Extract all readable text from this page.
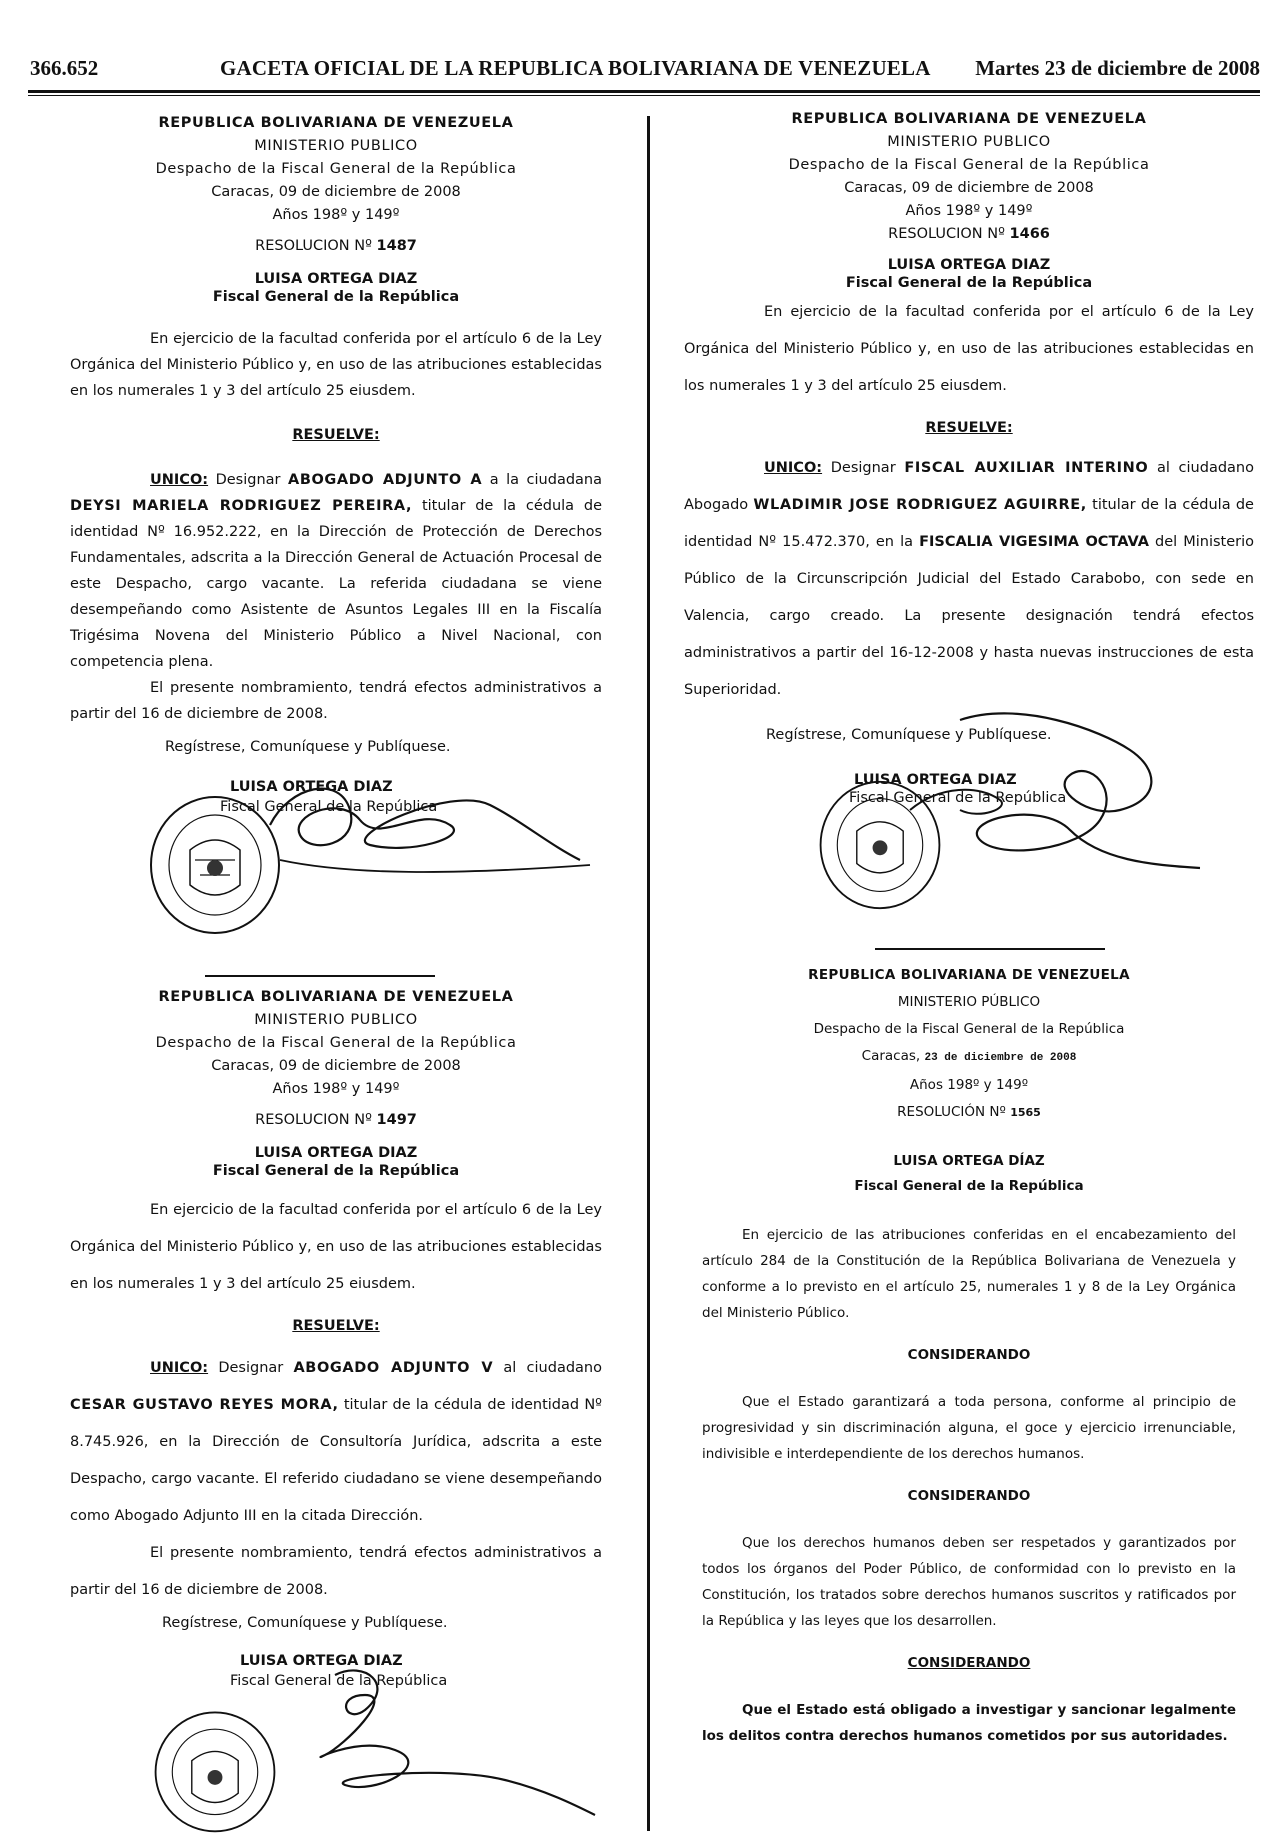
366.652	GACETA OFICIAL DE LA REPUBLICA BOLIVARIANA DE VENEZUELA Martes 23 de diciembre de 2008
REPUBLICA BOLIVARIANA DE VENEZUELA
MINISTERIO PUBLICO
Despacho de la Fiscal General de la República
Caracas, 09 de diciembre de 2008
Años 198º y 149º
RESOLUCION Nº 1487
LUISA ORTEGA DIAZ
Fiscal General de la República
En ejercicio de la facultad conferida por el artículo 6 de la Ley Orgánica del Ministerio Público y, en uso de las atribuciones establecidas en los numerales 1 y 3 del artículo 25 eiusdem.
RESUELVE:
UNICO: Designar ABOGADO ADJUNTO A a la ciudadana DEYSI MARIELA RODRIGUEZ PEREIRA, titular de la cédula de identidad Nº 16.952.222, en la Dirección de Protección de Derechos Fundamentales, adscrita a la Dirección General de Actuación Procesal de este Despacho, cargo vacante. La referida ciudadana se viene desempeñando como Asistente de Asuntos Legales III en la Fiscalía Trigésima Novena del Ministerio Público a Nivel Nacional, con competencia plena.
El presente nombramiento, tendrá efectos administrativos a partir del 16 de diciembre de 2008.
Regístrese, Comuníquese y Publíquese.
LUISA ORTEGA DIAZ
Fiscal General de la República
REPUBLICA BOLIVARIANA DE VENEZUELA
MINISTERIO PUBLICO
Despacho de la Fiscal General de la República
Caracas, 09 de diciembre de 2008
Años 198º y 149º
RESOLUCION Nº 1497
LUISA ORTEGA DIAZ
Fiscal General de la República
En ejercicio de la facultad conferida por el artículo 6 de la Ley Orgánica del Ministerio Público y, en uso de las atribuciones establecidas en los numerales 1 y 3 del artículo 25 eiusdem.
RESUELVE:
UNICO: Designar ABOGADO ADJUNTO V al ciudadano CESAR GUSTAVO REYES MORA, titular de la cédula de identidad Nº 8.745.926, en la Dirección de Consultoría Jurídica, adscrita a este Despacho, cargo vacante. El referido ciudadano se viene desempeñando como Abogado Adjunto III en la citada Dirección.
El presente nombramiento, tendrá efectos administrativos a partir del 16 de diciembre de 2008.
Regístrese, Comuníquese y Publíquese.
LUISA ORTEGA DIAZ
Fiscal General de la República
REPUBLICA BOLIVARIANA DE VENEZUELA
MINISTERIO PUBLICO
Despacho de la Fiscal General de la República
Caracas, 09 de diciembre de 2008
Años 198º y 149º
RESOLUCION Nº 1466
LUISA ORTEGA DIAZ
Fiscal General de la República
En ejercicio de la facultad conferida por el artículo 6 de la Ley Orgánica del Ministerio Público y, en uso de las atribuciones establecidas en los numerales 1 y 3 del artículo 25 eiusdem.
RESUELVE:
UNICO: Designar FISCAL AUXILIAR INTERINO al ciudadano Abogado WLADIMIR JOSE RODRIGUEZ AGUIRRE, titular de la cédula de identidad Nº 15.472.370, en la FISCALIA VIGESIMA OCTAVA del Ministerio Público de la Circunscripción Judicial del Estado Carabobo, con sede en Valencia, cargo creado. La presente designación tendrá efectos administrativos a partir del 16-12-2008 y hasta nuevas instrucciones de esta Superioridad.
Regístrese, Comuníquese y Publíquese.
LUISA ORTEGA DIAZ
Fiscal General de la República
REPUBLICA BOLIVARIANA DE VENEZUELA
MINISTERIO PÚBLICO
Despacho de la Fiscal General de la República
Caracas, 23 de diciembre de 2008
Años 198º y 149º
RESOLUCIÓN Nº 1565
LUISA ORTEGA DÍAZ
Fiscal General de la República
En ejercicio de las atribuciones conferidas en el encabezamiento del artículo 284 de la Constitución de la República Bolivariana de Venezuela y conforme a lo previsto en el artículo 25, numerales 1 y 8 de la Ley Orgánica del Ministerio Público.
CONSIDERANDO
Que el Estado garantizará a toda persona, conforme al principio de progresividad y sin discriminación alguna, el goce y ejercicio irrenunciable, indivisible e interdependiente de los derechos humanos.
CONSIDERANDO
Que los derechos humanos deben ser respetados y garantizados por todos los órganos del Poder Público, de conformidad con lo previsto en la Constitución, los tratados sobre derechos humanos suscritos y ratificados por la República y las leyes que los desarrollen.
CONSIDERANDO
Que el Estado está obligado a investigar y sancionar legalmente los delitos contra derechos humanos cometidos por sus autoridades.
